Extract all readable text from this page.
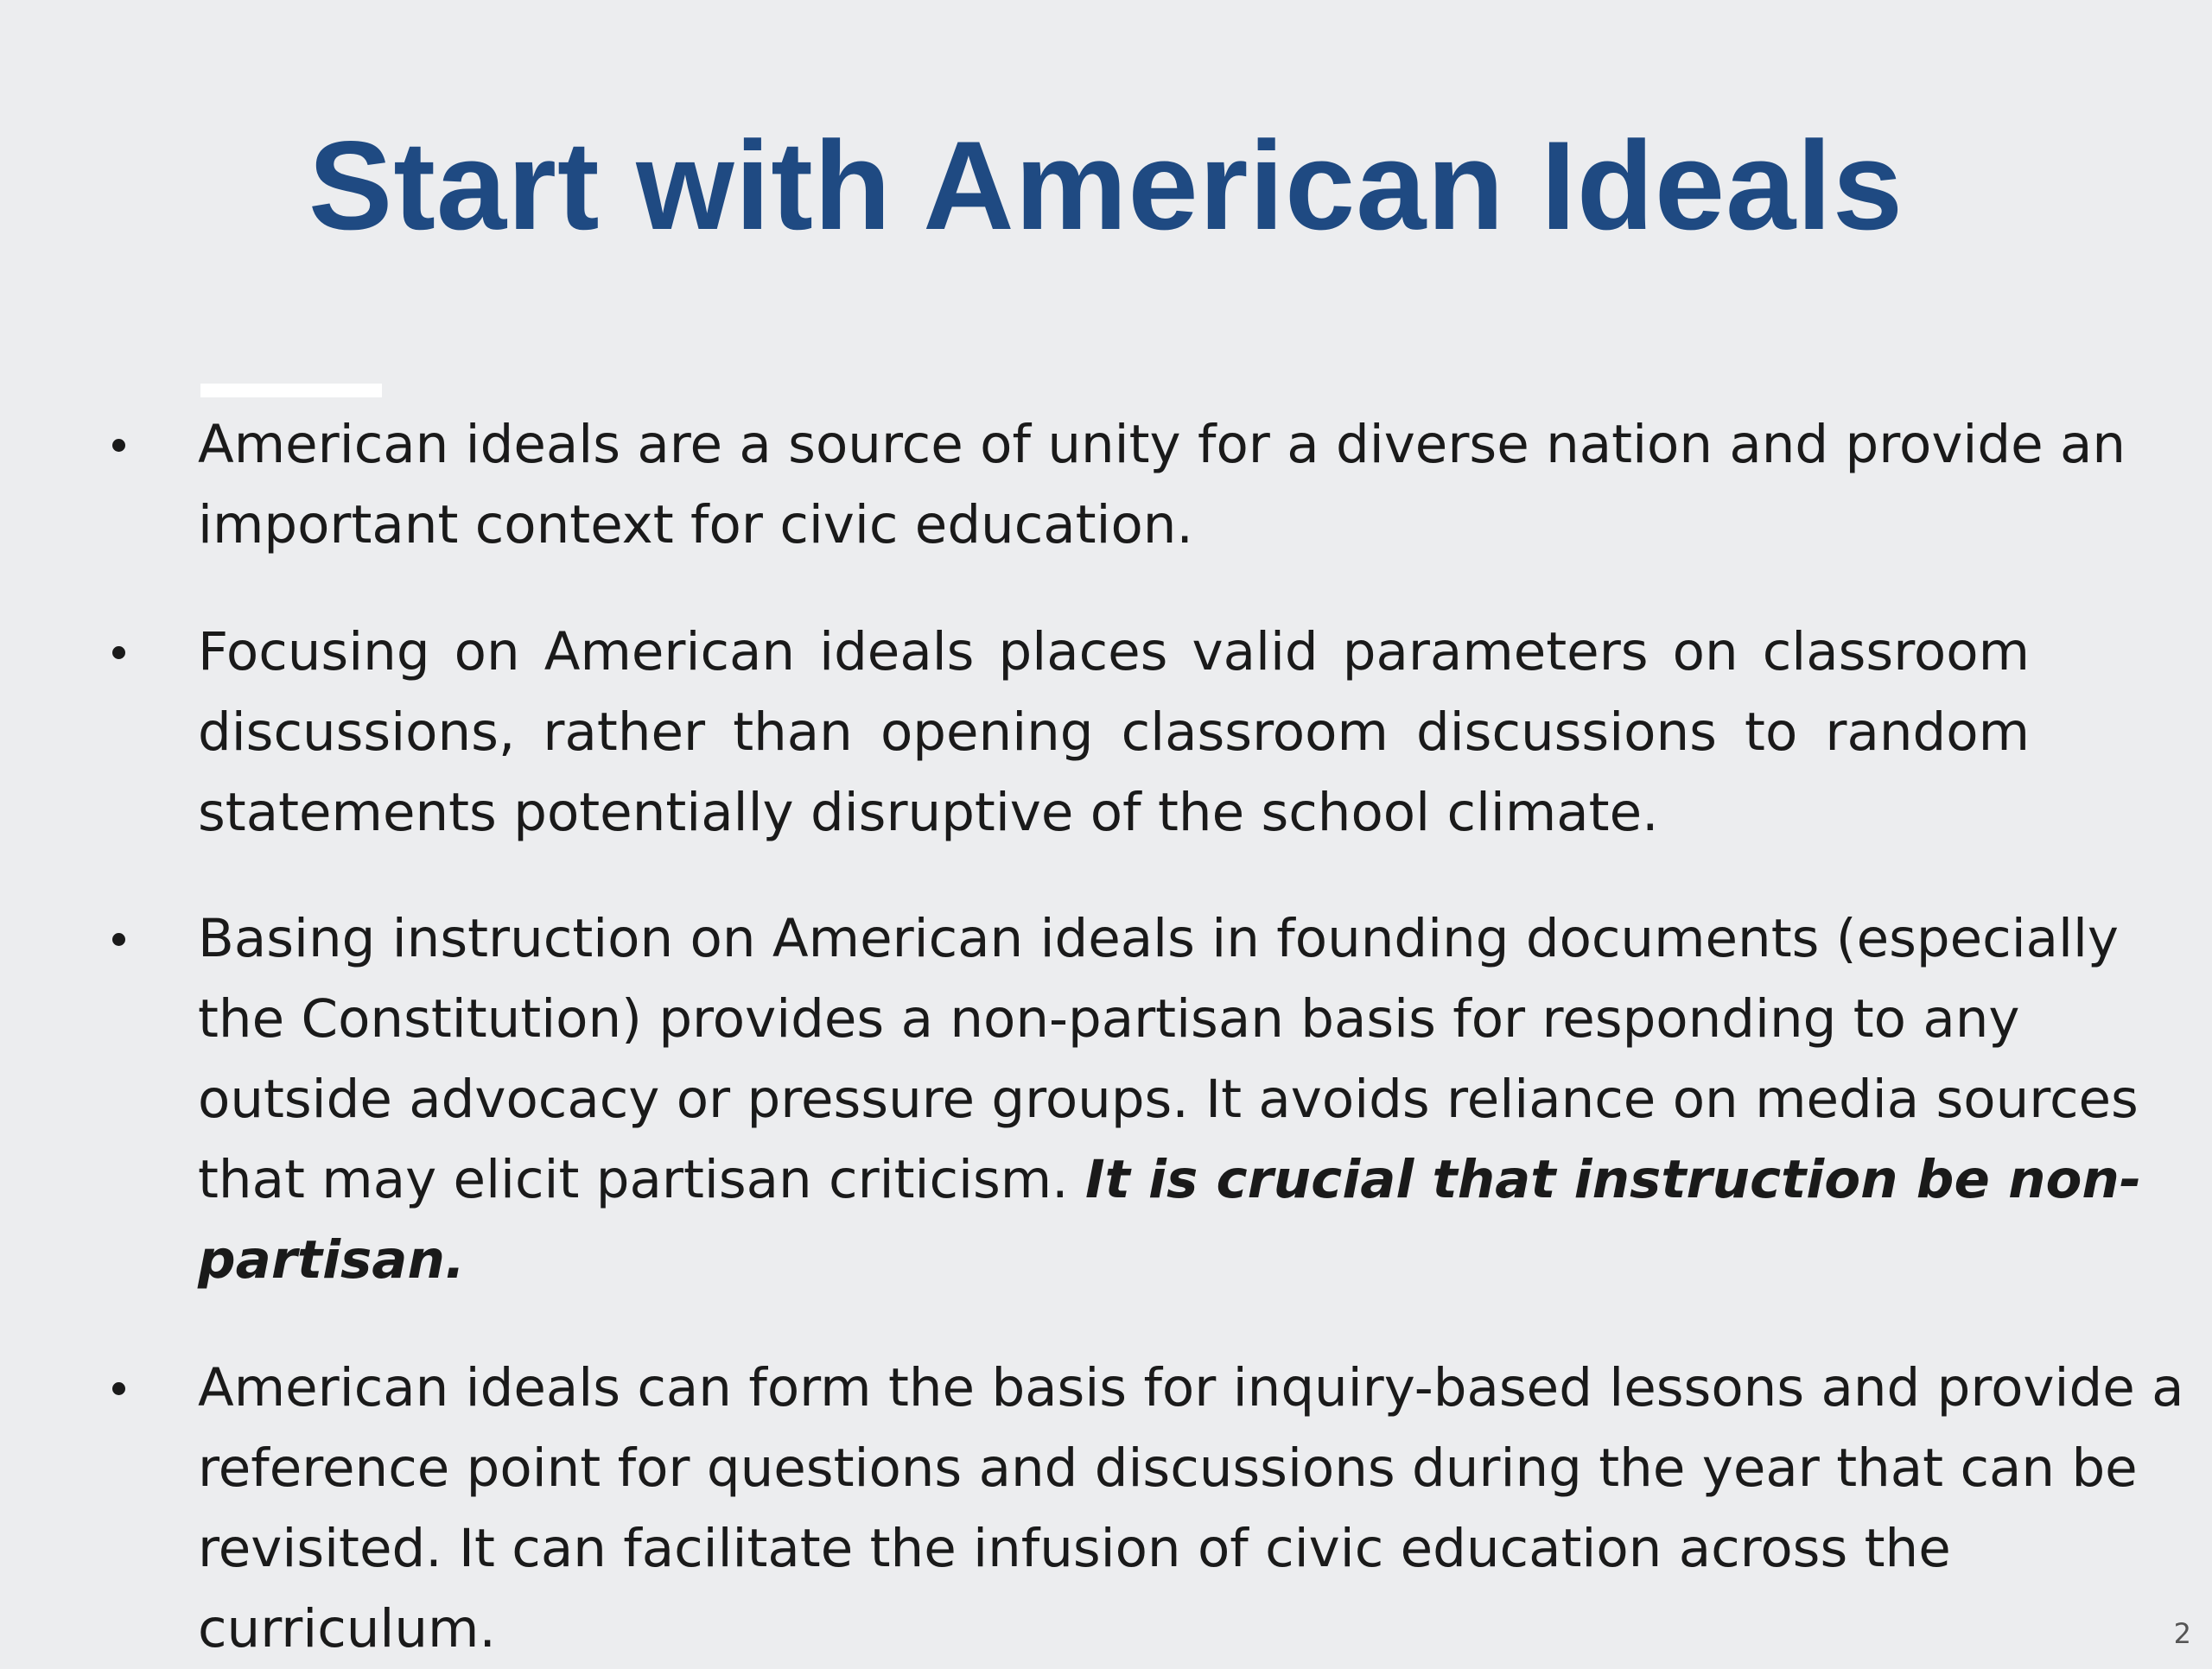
Start with American Ideals
American ideals are a source of unity for a diverse nation and provide an important context for civic education.
Focusing on American ideals places valid parameters on classroom discussions, rather than opening classroom discussions to random statements potentially disruptive of the school climate.
Basing instruction on American ideals in founding documents (especially the Constitution) provides a non-partisan basis for responding to any outside advocacy or pressure groups. It avoids reliance on media sources that may elicit partisan criticism. It is crucial that instruction be non-partisan.
American ideals can form the basis for inquiry-based lessons and provide a reference point for questions and discussions during the year that can be revisited. It can facilitate the infusion of civic education across the curriculum.	2
